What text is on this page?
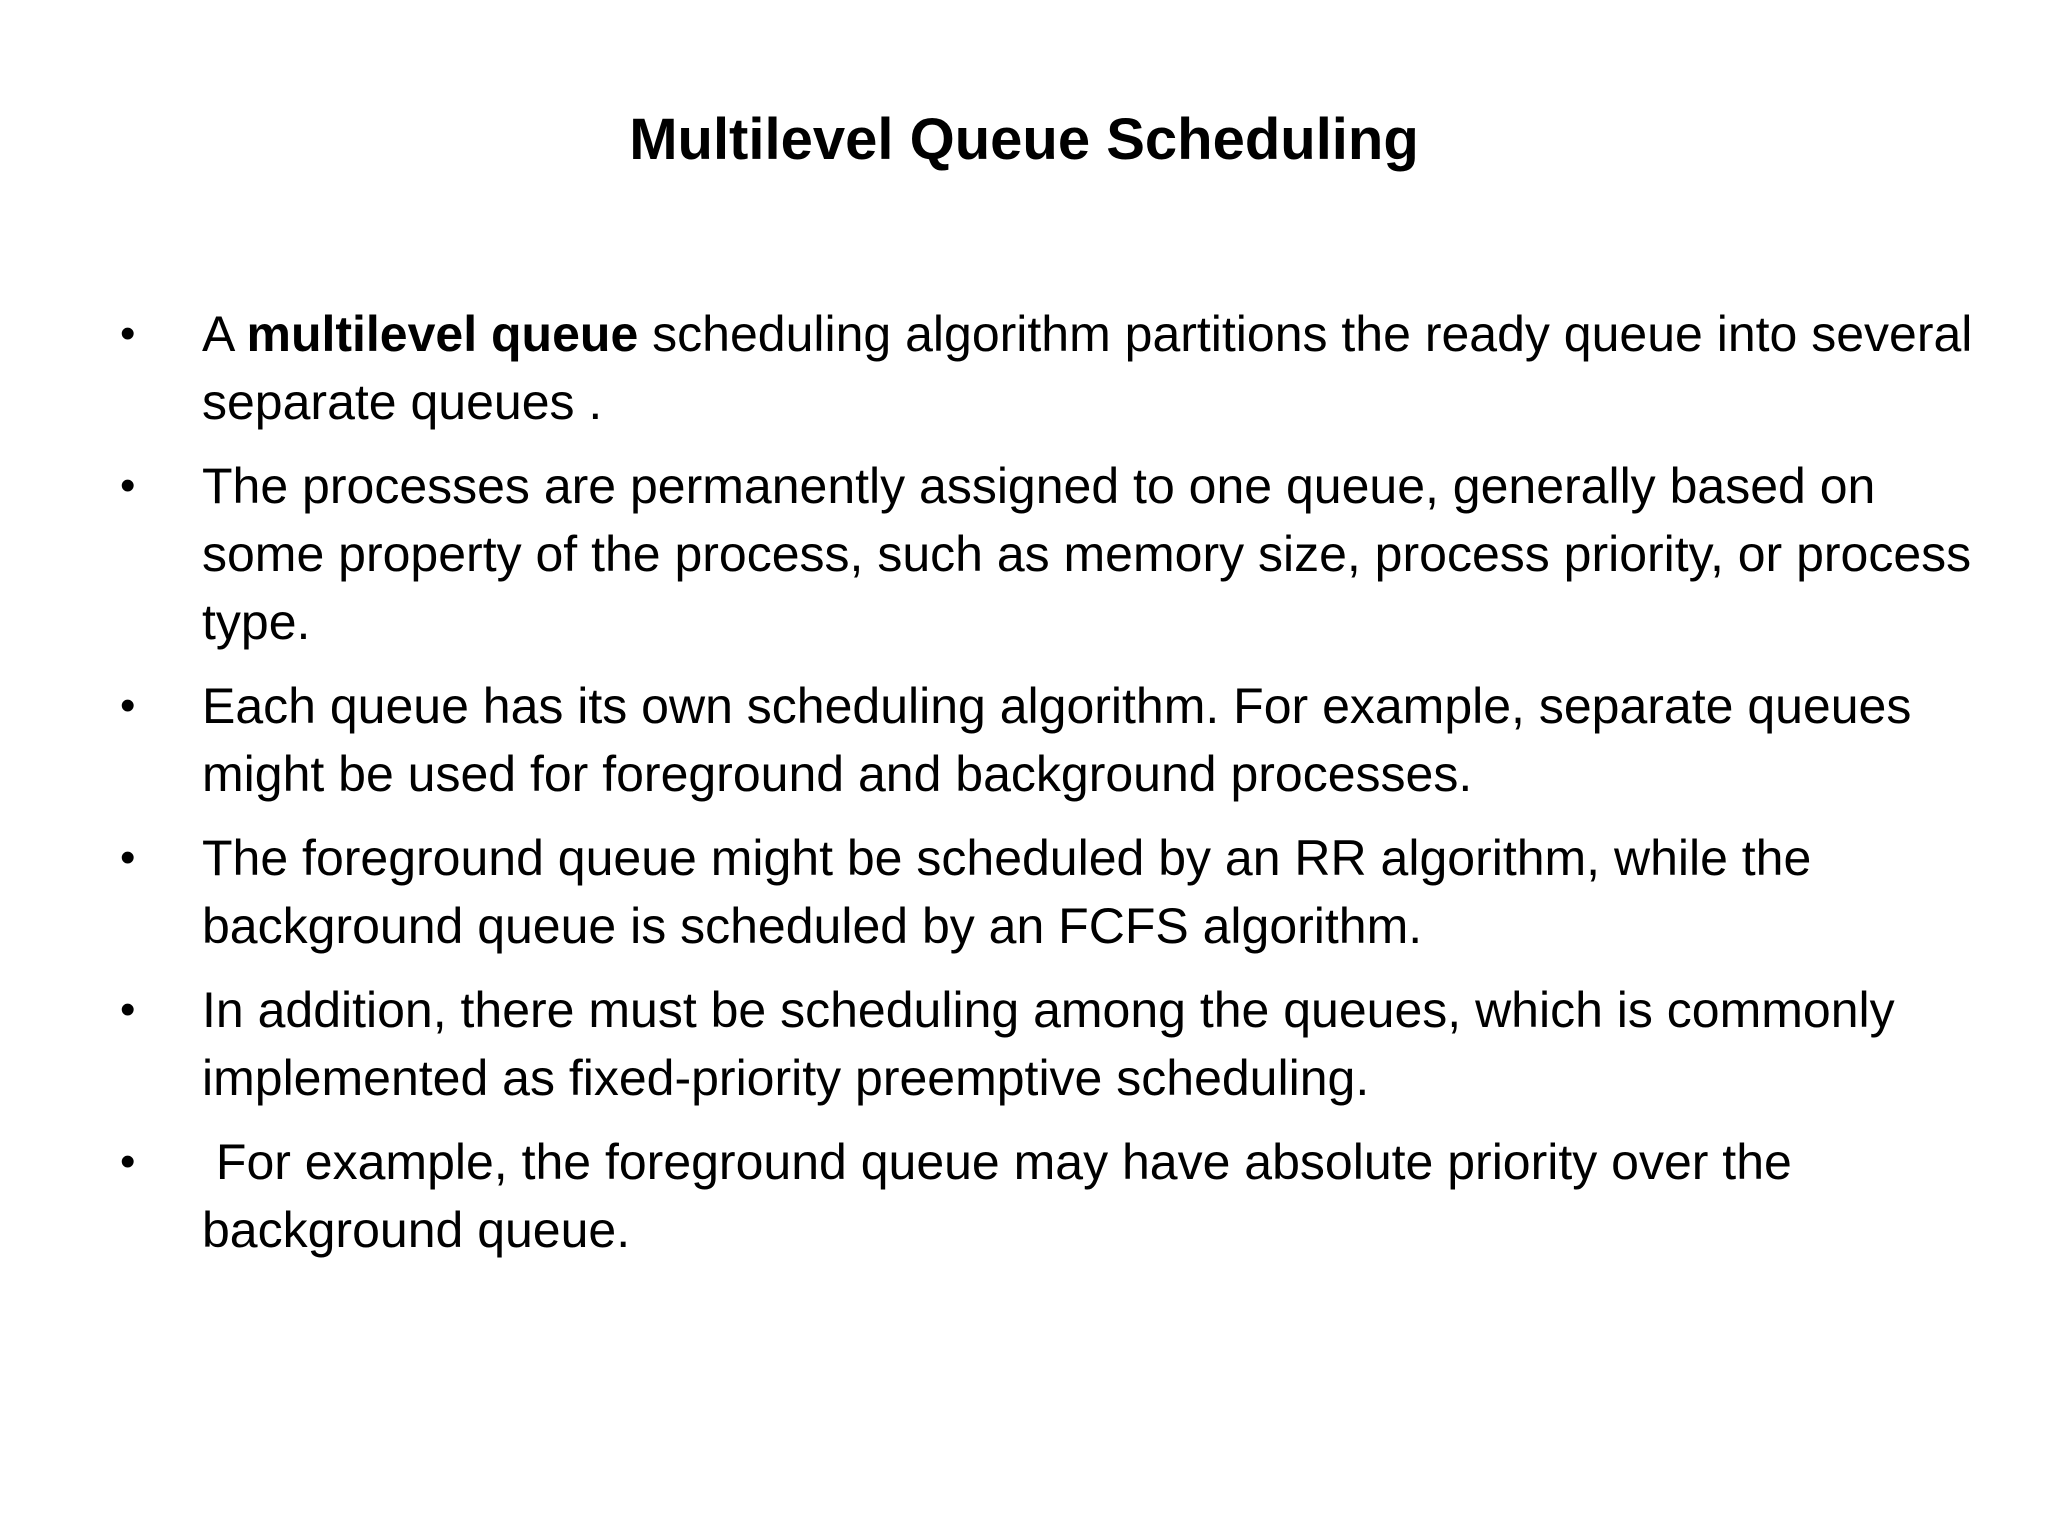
Multilevel Queue Scheduling
•	A multilevel queue scheduling algorithm partitions the ready queue into several separate queues .
•	The processes are permanently assigned to one queue, generally based on some property of the process, such as memory size, process priority, or process type.
•	Each queue has its own scheduling algorithm. For example, separate queues might be used for foreground and background processes.
•	The foreground queue might be scheduled by an RR algorithm, while the background queue is scheduled by an FCFS algorithm.
•	In addition, there must be scheduling among the queues, which is commonly implemented as fixed-priority preemptive scheduling.
•	For example, the foreground queue may have absolute priority over the background queue.
